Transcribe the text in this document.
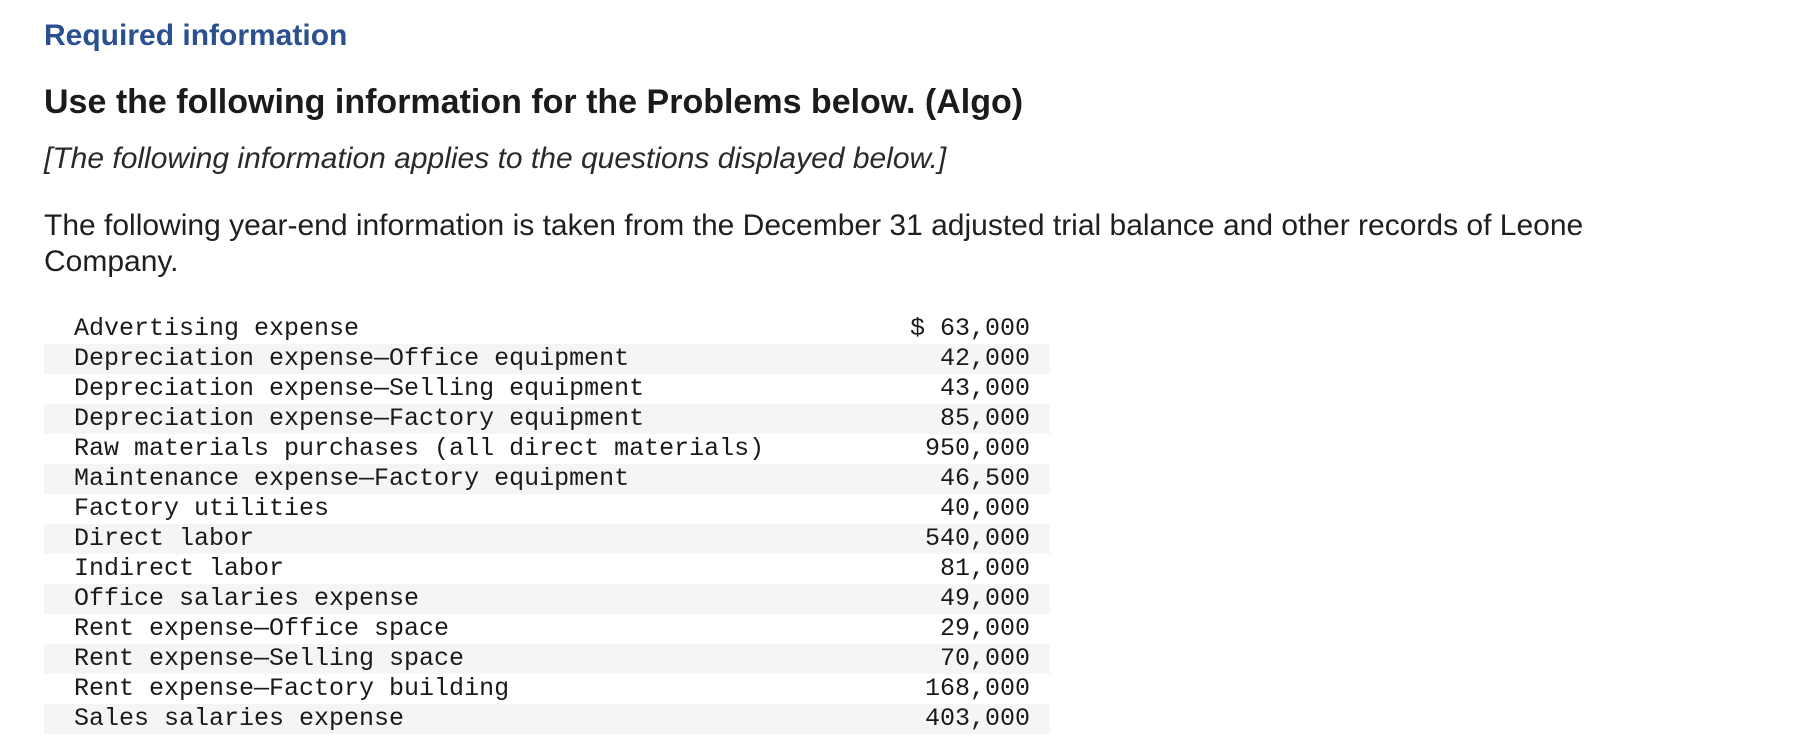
Required information
Use the following information for the Problems below. (Algo)

[The following information applies to the questions displayed below.]

The following year-end information is taken from the December 31 adjusted trial balance and other records of Leone Company.

Advertising expense	$ 63,000
Depreciation expense—Office equipment	42,000
Depreciation expense—Selling equipment	43,000
Depreciation expense—Factory equipment	85,000
Raw materials purchases (all direct materials)	950,000
Maintenance expense—Factory equipment	46,500
Factory utilities	40,000
Direct labor	540,000
Indirect labor	81,000
Office salaries expense	49,000
Rent expense—Office space	29,000
Rent expense—Selling space	70,000
Rent expense—Factory building	168,000
Sales salaries expense	403,000
